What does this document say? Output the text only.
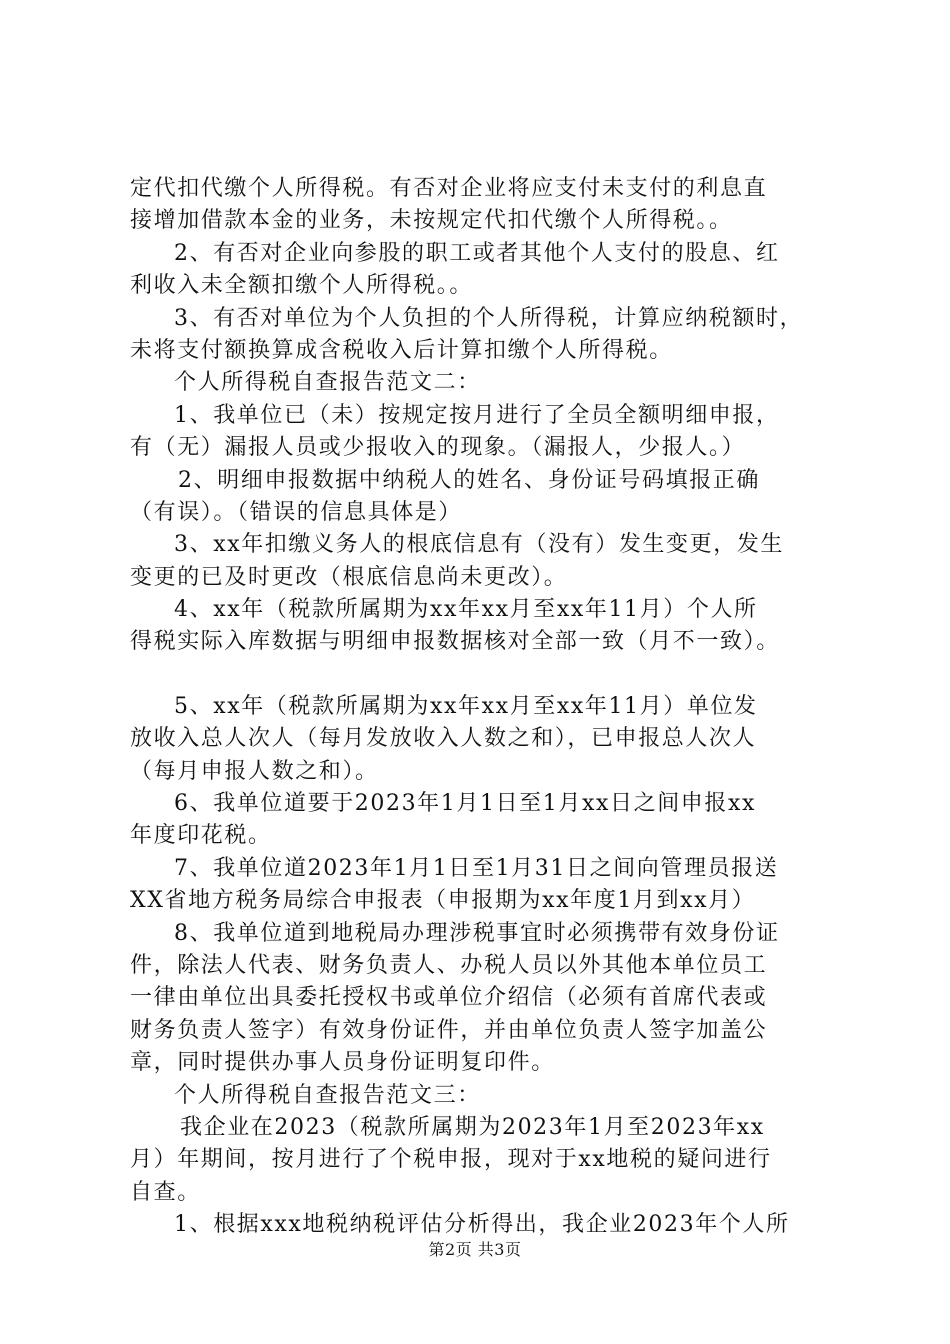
定代扣代缴个人所得税。有否对企业将应支付未支付的利息直
接增加借款本金的业务，未按规定代扣代缴个人所得税。。
2、有否对企业向参股的职工或者其他个人支付的股息、红
利收入未全额扣缴个人所得税。。
3、有否对单位为个人负担的个人所得税，计算应纳税额时，
未将支付额换算成含税收入后计算扣缴个人所得税。
个人所得税自查报告范文二：
1、我单位已（未）按规定按月进行了全员全额明细申报，
有（无）漏报人员或少报收入的现象。（漏报人，少报人。）
2、明细申报数据中纳税人的姓名、身份证号码填报正确
（有误）。（错误的信息具体是）
3、xx年扣缴义务人的根底信息有（没有）发生变更，发生
变更的已及时更改（根底信息尚未更改）。
4、xx年（税款所属期为xx年xx月至xx年11月）个人所
得税实际入库数据与明细申报数据核对全部一致（月不一致）。
5、xx年（税款所属期为xx年xx月至xx年11月）单位发
放收入总人次人（每月发放收入人数之和），已申报总人次人
（每月申报人数之和）。
6、我单位道要于2023年1月1日至1月xx日之间申报xx
年度印花税。
7、我单位道2023年1月1日至1月31日之间向管理员报送
XX省地方税务局综合申报表（申报期为xx年度1月到xx月）
8、我单位道到地税局办理涉税事宜时必须携带有效身份证
件，除法人代表、财务负责人、办税人员以外其他本单位员工
一律由单位出具委托授权书或单位介绍信（必须有首席代表或
财务负责人签字）有效身份证件，并由单位负责人签字加盖公
章，同时提供办事人员身份证明复印件。
个人所得税自查报告范文三：
我企业在2023（税款所属期为2023年1月至2023年xx
月）年期间，按月进行了个税申报，现对于xx地税的疑问进行
自查。
1、根据xxx地税纳税评估分析得出，我企业2023年个人所
第2页 共3页
